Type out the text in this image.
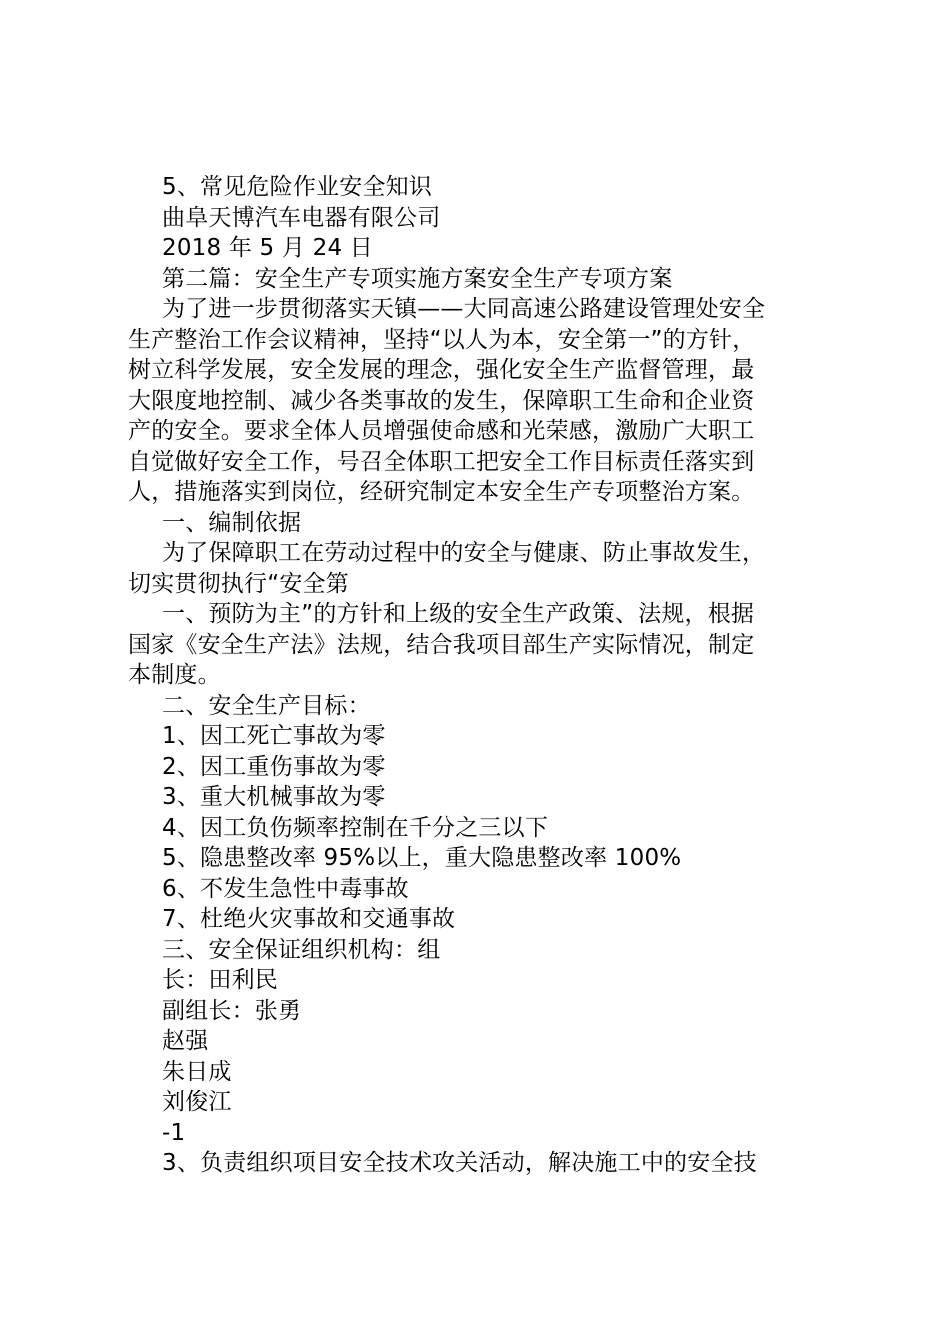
5、常见危险作业安全知识
曲阜天博汽车电器有限公司
2018 年 5 月 24 日
第二篇：安全生产专项实施方案安全生产专项方案
为了进一步贯彻落实天镇——大同高速公路建设管理处安全
生产整治工作会议精神，坚持“以人为本，安全第一”的方针，
树立科学发展，安全发展的理念，强化安全生产监督管理，最
大限度地控制、减少各类事故的发生，保障职工生命和企业资
产的安全。要求全体人员增强使命感和光荣感，激励广大职工
自觉做好安全工作，号召全体职工把安全工作目标责任落实到
人，措施落实到岗位，经研究制定本安全生产专项整治方案。
一、编制依据
为了保障职工在劳动过程中的安全与健康、防止事故发生，
切实贯彻执行“安全第
一、预防为主”的方针和上级的安全生产政策、法规，根据
国家《安全生产法》法规，结合我项目部生产实际情况，制定
本制度。
二、安全生产目标：
1、因工死亡事故为零
2、因工重伤事故为零
3、重大机械事故为零
4、因工负伤频率控制在千分之三以下
5、隐患整改率 95%以上，重大隐患整改率 100%
6、不发生急性中毒事故
7、杜绝火灾事故和交通事故
三、安全保证组织机构：组
长：田利民
副组长：张勇
赵强
朱日成
刘俊江
-1
3、负责组织项目安全技术攻关活动，解决施工中的安全技
